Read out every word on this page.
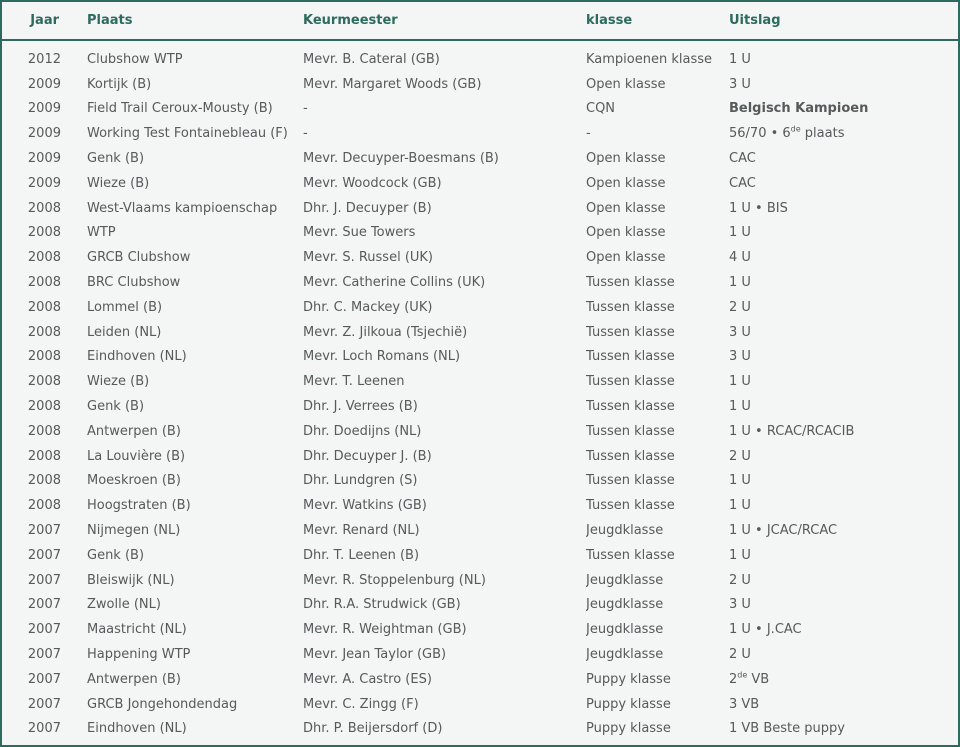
Jaar	Plaats	Keurmeester	klasse	Uitslag
2012	Clubshow WTP	Mevr. B. Cateral (GB)	Kampioenen klasse	1 U
2009	Kortijk (B)	Mevr. Margaret Woods (GB)	Open klasse	3 U
2009	Field Trail Ceroux-Mousty (B)	-	CQN	Belgisch Kampioen
2009	Working Test Fontainebleau (F)	-	-	56/70 • 6de plaats
2009	Genk (B)	Mevr. Decuyper-Boesmans (B)	Open klasse	CAC
2009	Wieze (B)	Mevr. Woodcock (GB)	Open klasse	CAC
2008	West-Vlaams kampioenschap	Dhr. J. Decuyper (B)	Open klasse	1 U • BIS
2008	WTP	Mevr. Sue Towers	Open klasse	1 U
2008	GRCB Clubshow	Mevr. S. Russel (UK)	Open klasse	4 U
2008	BRC Clubshow	Mevr. Catherine Collins (UK)	Tussen klasse	1 U
2008	Lommel (B)	Dhr. C. Mackey (UK)	Tussen klasse	2 U
2008	Leiden (NL)	Mevr. Z. Jilkoua (Tsjechië)	Tussen klasse	3 U
2008	Eindhoven (NL)	Mevr. Loch Romans (NL)	Tussen klasse	3 U
2008	Wieze (B)	Mevr. T. Leenen	Tussen klasse	1 U
2008	Genk (B)	Dhr. J. Verrees (B)	Tussen klasse	1 U
2008	Antwerpen (B)	Dhr. Doedijns (NL)	Tussen klasse	1 U • RCAC/RCACIB
2008	La Louvière (B)	Dhr. Decuyper J. (B)	Tussen klasse	2 U
2008	Moeskroen (B)	Dhr. Lundgren (S)	Tussen klasse	1 U
2008	Hoogstraten (B)	Mevr. Watkins (GB)	Tussen klasse	1 U
2007	Nijmegen (NL)	Mevr. Renard (NL)	Jeugdklasse	1 U • JCAC/RCAC
2007	Genk (B)	Dhr. T. Leenen (B)	Tussen klasse	1 U
2007	Bleiswijk (NL)	Mevr. R. Stoppelenburg (NL)	Jeugdklasse	2 U
2007	Zwolle (NL)	Dhr. R.A. Strudwick (GB)	Jeugdklasse	3 U
2007	Maastricht (NL)	Mevr. R. Weightman (GB)	Jeugdklasse	1 U • J.CAC
2007	Happening WTP	Mevr. Jean Taylor (GB)	Jeugdklasse	2 U
2007	Antwerpen (B)	Mevr. A. Castro (ES)	Puppy klasse	2de VB
2007	GRCB Jongehondendag	Mevr. C. Zingg (F)	Puppy klasse	3 VB
2007	Eindhoven (NL)	Dhr. P. Beijersdorf (D)	Puppy klasse	1 VB Beste puppy
